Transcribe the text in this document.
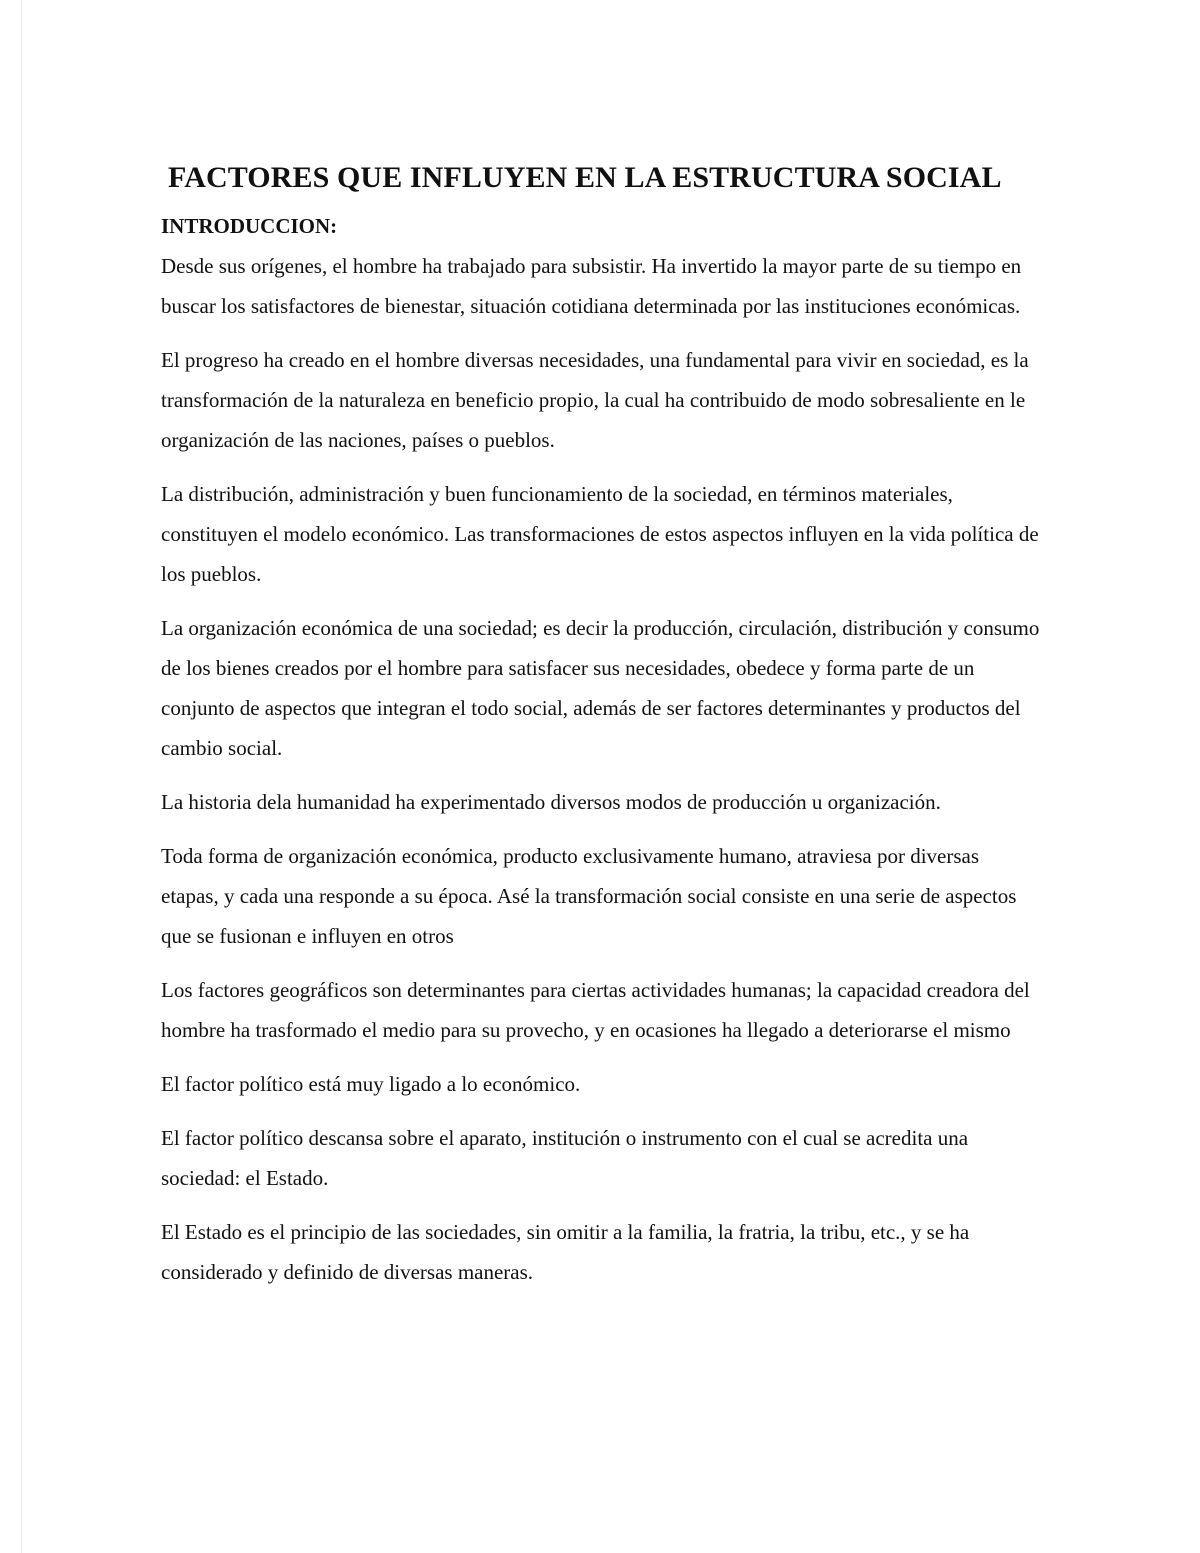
FACTORES QUE INFLUYEN EN LA ESTRUCTURA SOCIAL
INTRODUCCION:

Desde sus orígenes, el hombre ha trabajado para subsistir. Ha invertido la mayor parte de su tiempo en buscar los satisfactores de bienestar, situación cotidiana determinada por las instituciones económicas.

El progreso ha creado en el hombre diversas necesidades, una fundamental para vivir en sociedad, es la transformación de la naturaleza en beneficio propio, la cual ha contribuido de modo sobresaliente en le organización de las naciones, países o pueblos.

La distribución, administración y buen funcionamiento de la sociedad, en términos materiales, constituyen el modelo económico. Las transformaciones de estos aspectos influyen en la vida política de los pueblos.

La organización económica de una sociedad; es decir la producción, circulación, distribución y consumo de los bienes creados por el hombre para satisfacer sus necesidades, obedece y forma parte de un conjunto de aspectos que integran el todo social, además de ser factores determinantes y productos del cambio social.

La historia dela humanidad ha experimentado diversos modos de producción u organización.

Toda forma de organización económica, producto exclusivamente humano, atraviesa por diversas etapas, y cada una responde a su época. Asé la transformación social consiste en una serie de aspectos que se fusionan e influyen en otros

Los factores geográficos son determinantes para ciertas actividades humanas; la capacidad creadora del hombre ha trasformado el medio para su provecho, y en ocasiones ha llegado a deteriorarse el mismo

El factor político está muy ligado a lo económico.

El factor político descansa sobre el aparato, institución o instrumento con el cual se acredita una sociedad: el Estado.

El Estado es el principio de las sociedades, sin omitir a la familia, la fratria, la tribu, etc., y se ha considerado y definido de diversas maneras.
